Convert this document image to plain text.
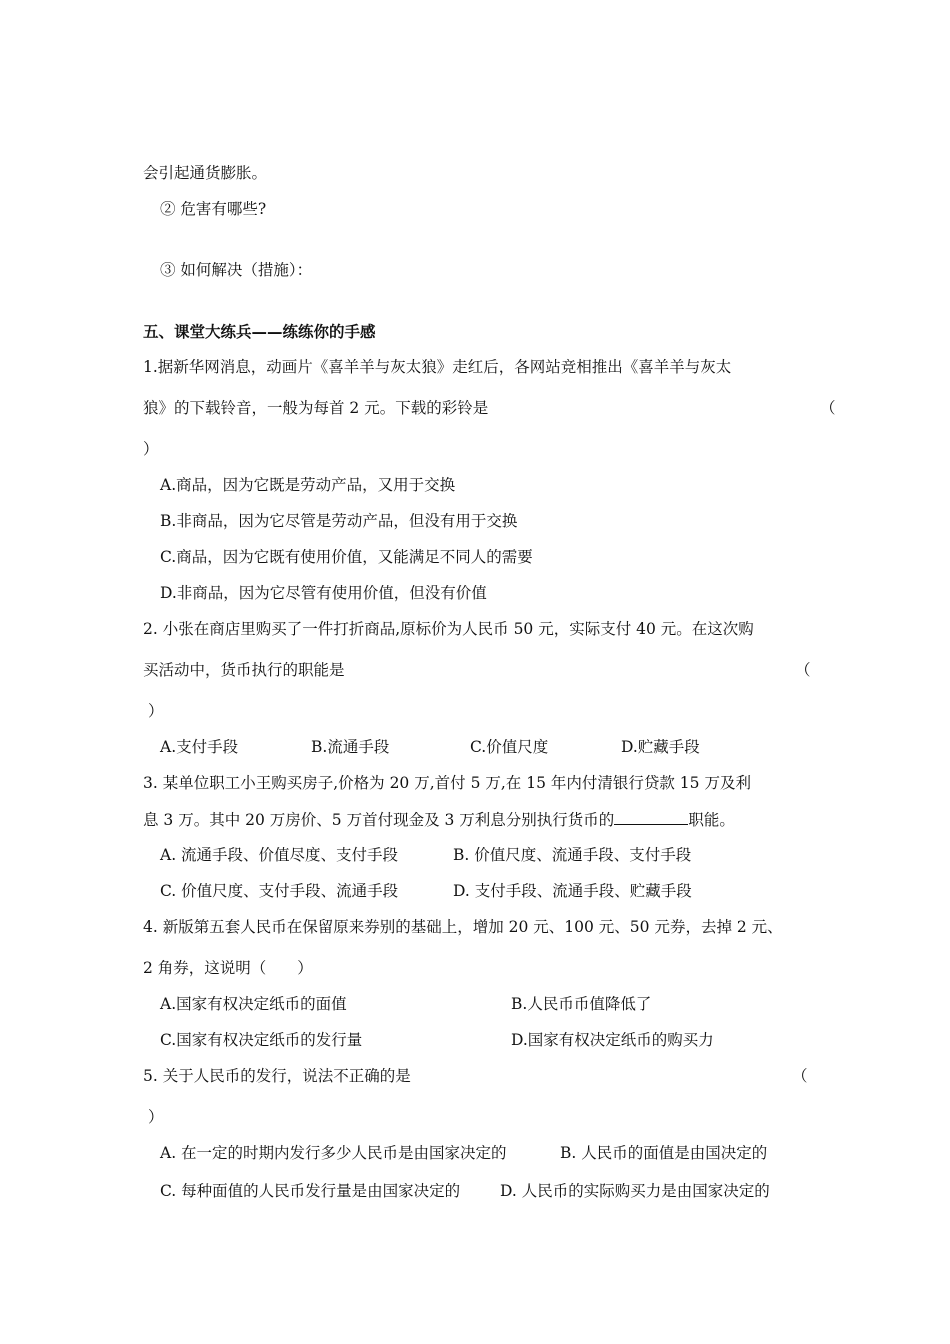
会引起通货膨胀。
② 危害有哪些?
③ 如何解决（措施）：
五、课堂大练兵——练练你的手感
1.据新华网消息，动画片《喜羊羊与灰太狼》走红后，各网站竞相推出《喜羊羊与灰太
狼》的下载铃音，一般为每首 2 元。下载的彩铃是	（
）
A.商品，因为它既是劳动产品，又用于交换
B.非商品，因为它尽管是劳动产品，但没有用于交换
C.商品，因为它既有使用价值，又能满足不同人的需要
D.非商品，因为它尽管有使用价值，但没有价值
2. 小张在商店里购买了一件打折商品,原标价为人民币 50 元，实际支付 40 元。在这次购
买活动中，货币执行的职能是	（
）
A.支付手段	B.流通手段	C.价值尺度	D.贮藏手段
3. 某单位职工小王购买房子,价格为 20 万,首付 5 万,在 15 年内付清银行贷款 15 万及利
息 3 万。其中 20 万房价、5 万首付现金及 3 万利息分别执行货币的	职能。
A. 流通手段、价值尽度、支付手段	B. 价值尺度、流通手段、支付手段
C. 价值尺度、支付手段、流通手段	D. 支付手段、流通手段、贮藏手段
4. 新版第五套人民币在保留原来券别的基础上，增加 20 元、100 元、50 元券，去掉 2 元、
2 角券，这说明（　　）
A.国家有权决定纸币的面值	B.人民币币值降低了
C.国家有权决定纸币的发行量	D.国家有权决定纸币的购买力
5. 关于人民币的发行，说法不正确的是	（
）
A. 在一定的时期内发行多少人民币是由国家决定的	B. 人民币的面值是由国决定的
C. 每种面值的人民币发行量是由国家决定的	D. 人民币的实际购买力是由国家决定的
